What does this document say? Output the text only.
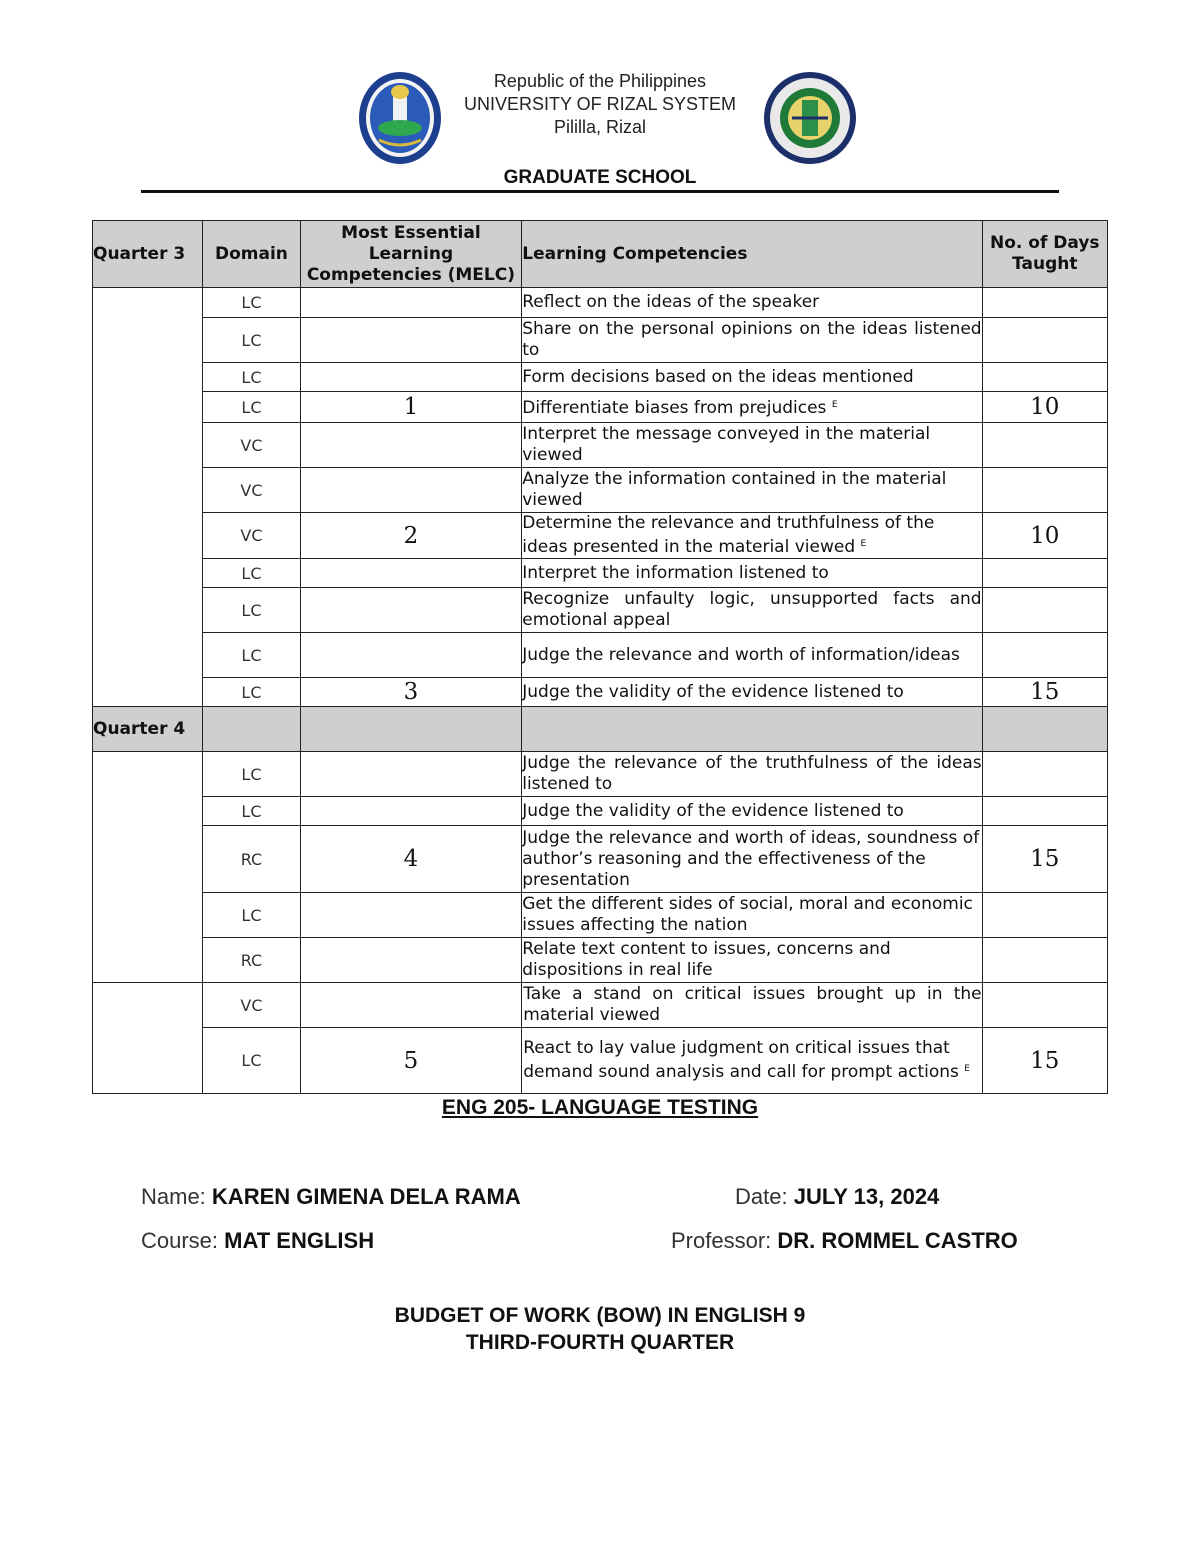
Republic of the Philippines
UNIVERSITY OF RIZAL SYSTEM
Pililla, Rizal
GRADUATE SCHOOL
Quarter 3	Domain	Most Essential Learning Competencies (MELC)	Learning Competencies	No. of Days Taught
	LC		Reflect on the ideas of the speaker	
	LC		Share on the personal opinions on the ideas listened to	
	LC		Form decisions based on the ideas mentioned	
	LC	1	Differentiate biases from prejudices $^E$	10
	VC		Interpret the message conveyed in the material viewed	
	VC		Analyze the information contained in the material viewed	
	VC	2	Determine the relevance and truthfulness of the ideas presented in the material viewed $^E$	10
	LC		Interpret the information listened to	
	LC		Recognize unfaulty logic, unsupported facts and emotional appeal	
	LC		Judge the relevance and worth of information/ideas	
	LC	3	Judge the validity of the evidence listened to	15
Quarter 4				
	LC		Judge the relevance of the truthfulness of the ideas listened to	
	LC		Judge the validity of the evidence listened to	
	RC	4	Judge the relevance and worth of ideas, soundness of author’s reasoning and the effectiveness of the presentation	15
	LC		Get the different sides of social, moral and economic issues affecting the nation	
	RC		Relate text content to issues, concerns and dispositions in real life	
	VC		Take a stand on critical issues brought up in the material viewed	
	LC	5	React to lay value judgment on critical issues that demand sound analysis and call for prompt actions $^E$	15
ENG 205- LANGUAGE TESTING
Name: KAREN GIMENA DELA RAMA	Date: JULY 13, 2024
Course: MAT ENGLISH	Professor: DR. ROMMEL CASTRO
BUDGET OF WORK (BOW) IN ENGLISH 9
THIRD-FOURTH QUARTER
